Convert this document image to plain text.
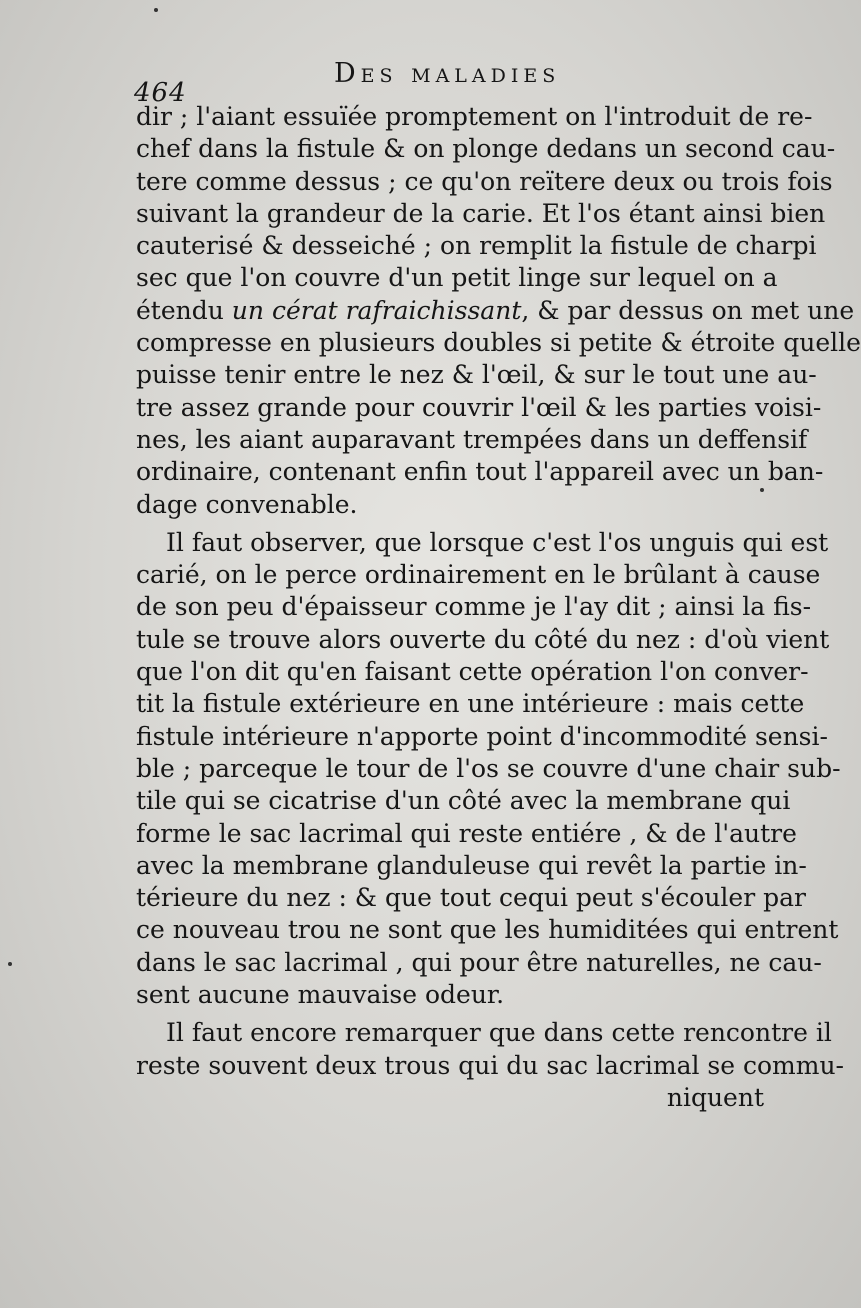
464
Des maladies
dir ; l'aiant essuïée promptement on l'introduit de re-
chef dans la fistule & on plonge dedans un second cau-
tere comme dessus ; ce qu'on reïtere deux ou trois fois
suivant la grandeur de la carie. Et l'os étant ainsi bien
cauterisé & desseiché ; on remplit la fistule de charpi
sec que l'on couvre d'un petit linge sur lequel on a
étendu un cérat rafraichissant, & par dessus on met une
compresse en plusieurs doubles si petite & étroite quelle
puisse tenir entre le nez & l'œil, & sur le tout une au-
tre assez grande pour couvrir l'œil & les parties voisi-
nes, les aiant auparavant trempées dans un deffensif
ordinaire, contenant enfin tout l'appareil avec un ban-
dage convenable.
Il faut observer, que lorsque c'est l'os unguis qui est
carié, on le perce ordinairement en le brûlant à cause
de son peu d'épaisseur comme je l'ay dit ; ainsi la fis-
tule se trouve alors ouverte du côté du nez : d'où vient
que l'on dit qu'en faisant cette opération l'on conver-
tit la fistule extérieure en une intérieure : mais cette
fistule intérieure n'apporte point d'incommodité sensi-
ble ; parceque le tour de l'os se couvre d'une chair sub-
tile qui se cicatrise d'un côté avec la membrane qui
forme le sac lacrimal qui reste entiére , & de l'autre
avec la membrane glanduleuse qui revêt la partie in-
térieure du nez : & que tout cequi peut s'écouler par
ce nouveau trou ne sont que les humiditées qui entrent
dans le sac lacrimal , qui pour être naturelles, ne cau-
sent aucune mauvaise odeur.
Il faut encore remarquer que dans cette rencontre il
reste souvent deux trous qui du sac lacrimal se commu-
niquent
